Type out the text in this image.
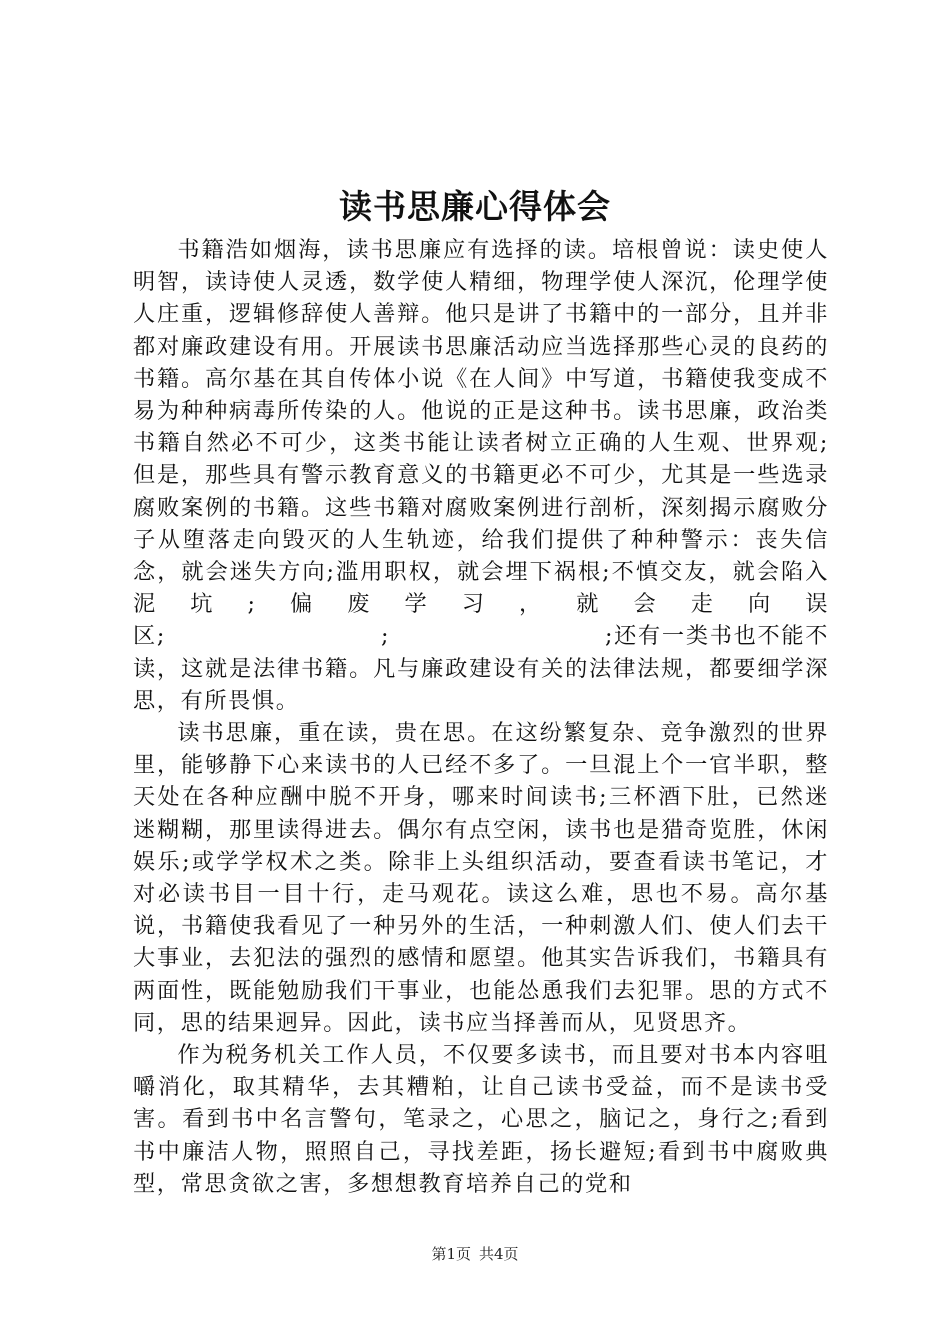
读书思廉心得体会

书籍浩如烟海，读书思廉应有选择的读。培根曾说：读史使人明智，读诗使人灵透，数学使人精细，物理学使人深沉，伦理学使人庄重，逻辑修辞使人善辩。他只是讲了书籍中的一部分，且并非都对廉政建设有用。开展读书思廉活动应当选择那些心灵的良药的书籍。高尔基在其自传体小说《在人间》中写道，书籍使我变成不易为种种病毒所传染的人。他说的正是这种书。读书思廉，政治类书籍自然必不可少，这类书能让读者树立正确的人生观、世界观;但是，那些具有警示教育意义的书籍更必不可少，尤其是一些选录腐败案例的书籍。这些书籍对腐败案例进行剖析，深刻揭示腐败分子从堕落走向毁灭的人生轨迹，给我们提供了种种警示：丧失信念，就会迷失方向;滥用职权，就会埋下祸根;不慎交友，就会陷入泥坑;偏废学习，就会走向误区;　　　　　　　　　;　　　　　　　　　;还有一类书也不能不读，这就是法律书籍。凡与廉政建设有关的法律法规，都要细学深思，有所畏惧。

读书思廉，重在读，贵在思。在这纷繁复杂、竞争激烈的世界里，能够静下心来读书的人已经不多了。一旦混上个一官半职，整天处在各种应酬中脱不开身，哪来时间读书;三杯酒下肚，已然迷迷糊糊，那里读得进去。偶尔有点空闲，读书也是猎奇览胜，休闲娱乐;或学学权术之类。除非上头组织活动，要查看读书笔记，才对必读书目一目十行，走马观花。读这么难，思也不易。高尔基说，书籍使我看见了一种另外的生活，一种刺激人们、使人们去干大事业，去犯法的强烈的感情和愿望。他其实告诉我们，书籍具有两面性，既能勉励我们干事业，也能怂恿我们去犯罪。思的方式不同，思的结果迥异。因此，读书应当择善而从，见贤思齐。

作为税务机关工作人员，不仅要多读书，而且要对书本内容咀嚼消化，取其精华，去其糟粕，让自己读书受益，而不是读书受害。看到书中名言警句，笔录之，心思之，脑记之，身行之;看到书中廉洁人物，照照自己，寻找差距，扬长避短;看到书中腐败典型，常思贪欲之害，多想想教育培养自己的党和

第1页 共4页
